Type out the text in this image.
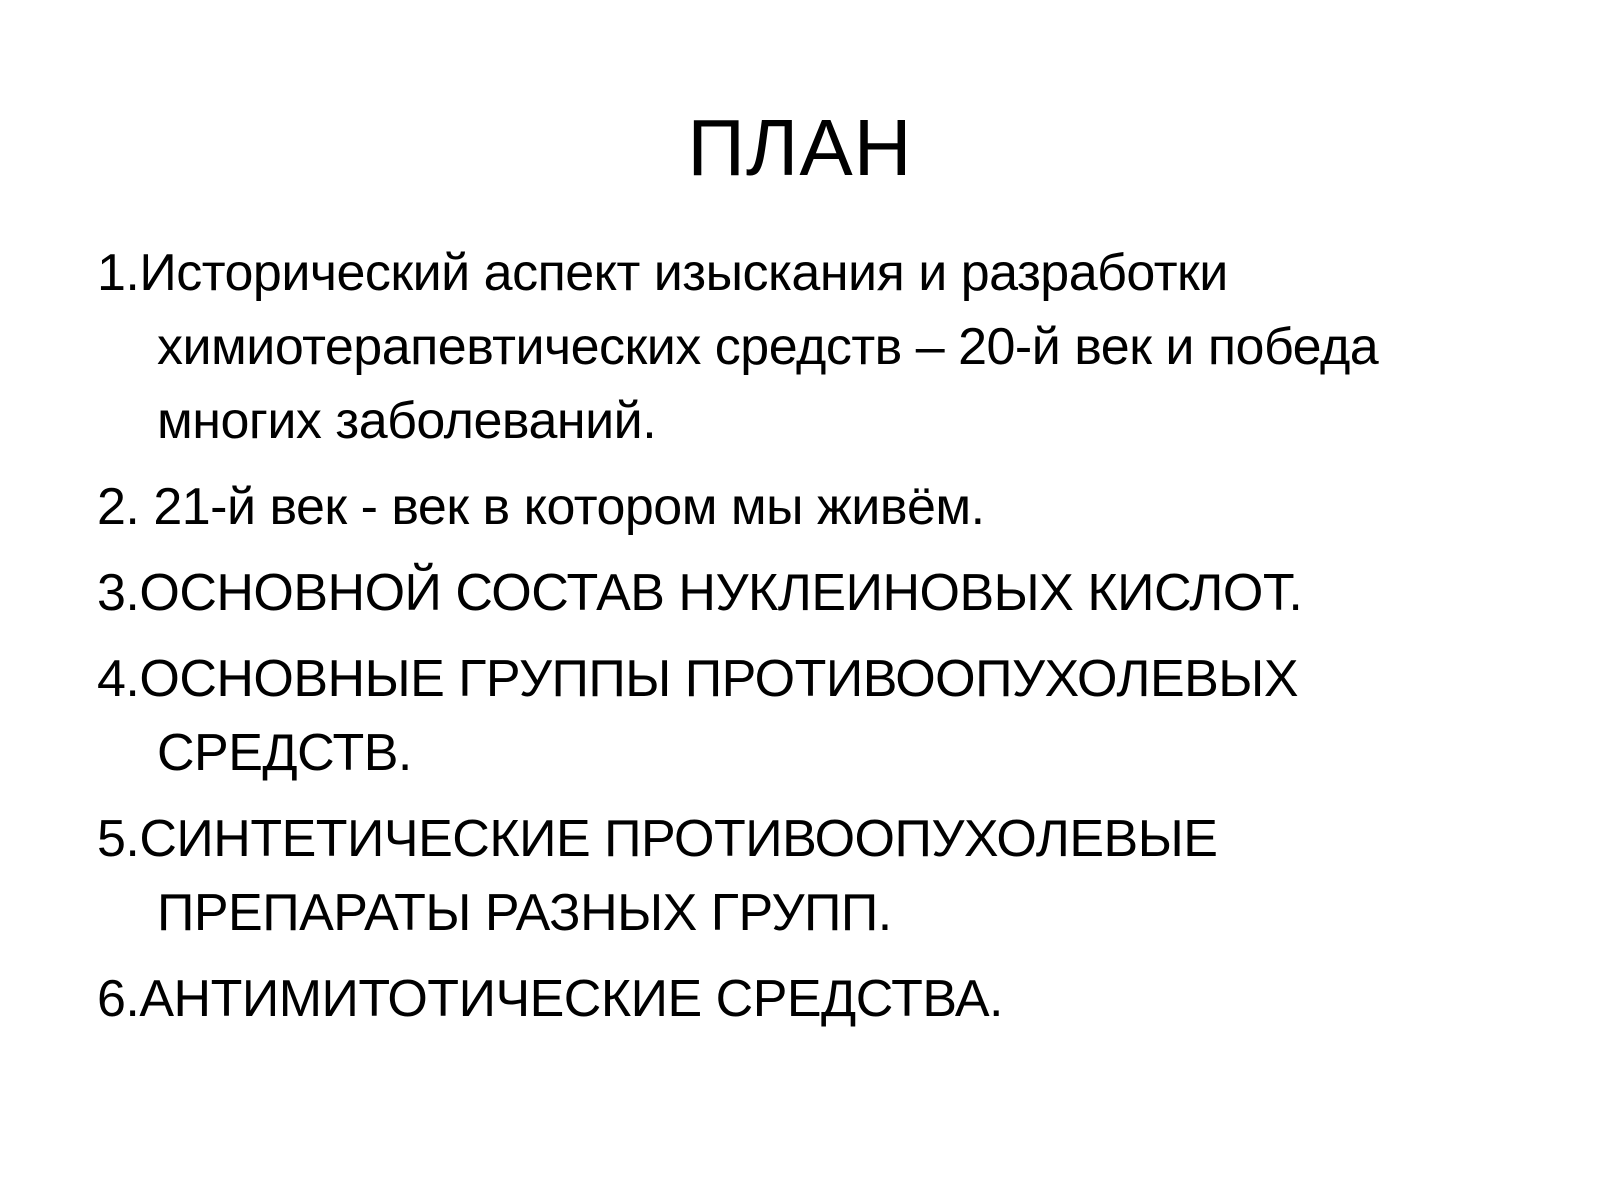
ПЛАН
1.Исторический аспект изыскания и разработки химиотерапевтических средств – 20-й век и победа многих заболеваний.
2. 21-й век - век в котором мы живём.
3.ОСНОВНОЙ СОСТАВ НУКЛЕИНОВЫХ КИСЛОТ.
4.ОСНОВНЫЕ ГРУППЫ ПРОТИВООПУХОЛЕВЫХ СРЕДСТВ.
5.СИНТЕТИЧЕСКИЕ ПРОТИВООПУХОЛЕВЫЕ ПРЕПАРАТЫ РАЗНЫХ ГРУПП.
6.АНТИМИТОТИЧЕСКИЕ СРЕДСТВА.
